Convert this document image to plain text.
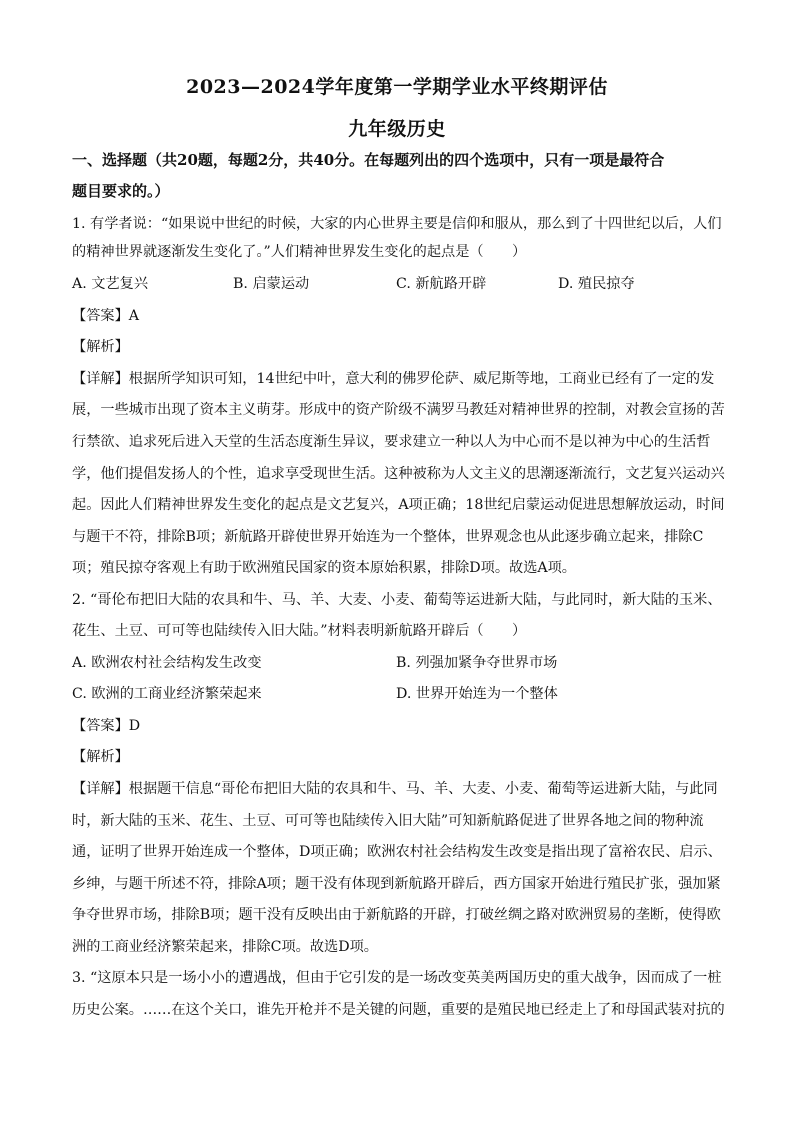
2023—2024学年度第一学期学业水平终期评估
九年级历史
一、选择题（共20题，每题2分，共40分。在每题列出的四个选项中，只有一项是最符合
题目要求的。）
1. 有学者说：“如果说中世纪的时候，大家的内心世界主要是信仰和服从，那么到了十四世纪以后，人们
的精神世界就逐渐发生变化了。”人们精神世界发生变化的起点是（　　）
A. 文艺复兴	B. 启蒙运动	C. 新航路开辟	D. 殖民掠夺
【答案】A
【解析】
【详解】根据所学知识可知，14世纪中叶，意大利的佛罗伦萨、威尼斯等地，工商业已经有了一定的发
展，一些城市出现了资本主义萌芽。形成中的资产阶级不满罗马教廷对精神世界的控制，对教会宣扬的苦
行禁欲、追求死后进入天堂的生活态度渐生异议，要求建立一种以人为中心而不是以神为中心的生活哲
学，他们提倡发扬人的个性，追求享受现世生活。这种被称为人文主义的思潮逐渐流行，文艺复兴运动兴
起。因此人们精神世界发生变化的起点是文艺复兴，A项正确；18世纪启蒙运动促进思想解放运动，时间
与题干不符，排除B项；新航路开辟使世界开始连为一个整体，世界观念也从此逐步确立起来，排除C
项；殖民掠夺客观上有助于欧洲殖民国家的资本原始积累，排除D项。故选A项。
2. “哥伦布把旧大陆的农具和牛、马、羊、大麦、小麦、葡萄等运进新大陆，与此同时，新大陆的玉米、
花生、土豆、可可等也陆续传入旧大陆。”材料表明新航路开辟后（　　）
A. 欧洲农村社会结构发生改变	B. 列强加紧争夺世界市场
C. 欧洲的工商业经济繁荣起来	D. 世界开始连为一个整体
【答案】D
【解析】
【详解】根据题干信息“哥伦布把旧大陆的农具和牛、马、羊、大麦、小麦、葡萄等运进新大陆，与此同
时，新大陆的玉米、花生、土豆、可可等也陆续传入旧大陆”可知新航路促进了世界各地之间的物种流
通，证明了世界开始连成一个整体，D项正确；欧洲农村社会结构发生改变是指出现了富裕农民、启示、
乡绅，与题干所述不符，排除A项；题干没有体现到新航路开辟后，西方国家开始进行殖民扩张，强加紧
争夺世界市场，排除B项；题干没有反映出由于新航路的开辟，打破丝绸之路对欧洲贸易的垄断，使得欧
洲的工商业经济繁荣起来，排除C项。故选D项。
3. “这原本只是一场小小的遭遇战，但由于它引发的是一场改变英美两国历史的重大战争，因而成了一桩
历史公案。……在这个关口，谁先开枪并不是关键的问题，重要的是殖民地已经走上了和母国武装对抗的
